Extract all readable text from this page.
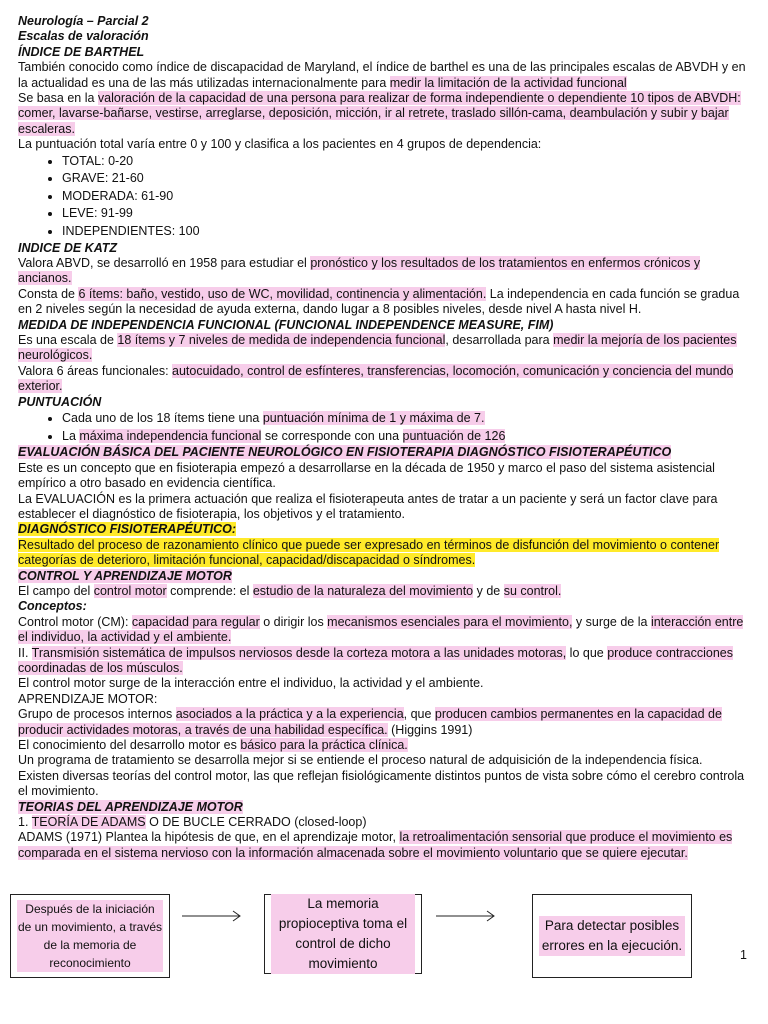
Neurología – Parcial 2

Escalas de valoración

ÍNDICE DE BARTHEL

También conocido como índice de discapacidad de Maryland, el índice de barthel es una de las principales escalas de ABVDH y en la actualidad es una de las más utilizadas internacionalmente para medir la limitación de la actividad funcional

Se basa en la valoración de la capacidad de una persona para realizar de forma independiente o dependiente 10 tipos de ABVDH: comer, lavarse-bañarse, vestirse, arreglarse, deposición, micción, ir al retrete, traslado sillón-cama, deambulación y subir y bajar escaleras.

La puntuación total varía entre 0 y 100 y clasifica a los pacientes en 4 grupos de dependencia:

• TOTAL: 0-20
• GRAVE: 21-60
• MODERADA: 61-90
• LEVE: 91-99
• INDEPENDIENTES: 100

INDICE DE KATZ

Valora ABVD, se desarrolló en 1958 para estudiar el pronóstico y los resultados de los tratamientos en enfermos crónicos y ancianos.

Consta de 6 ítems: baño, vestido, uso de WC, movilidad, continencia y alimentación. La independencia en cada función se gradua en 2 niveles según la necesidad de ayuda externa, dando lugar a 8 posibles niveles, desde nivel A hasta nivel H.

MEDIDA DE INDEPENDENCIA FUNCIONAL (FUNCIONAL INDEPENDENCE MEASURE, FIM)

Es una escala de 18 ítems y 7 niveles de medida de independencia funcional, desarrollada para medir la mejoría de los pacientes neurológicos.

Valora 6 áreas funcionales: autocuidado, control de esfínteres, transferencias, locomoción, comunicación y conciencia del mundo exterior.

PUNTUACIÓN

• Cada uno de los 18 ítems tiene una puntuación mínima de 1 y máxima de 7.
• La máxima independencia funcional se corresponde con una puntuación de 126

EVALUACIÓN BÁSICA DEL PACIENTE NEUROLÓGICO EN FISIOTERAPIA DIAGNÓSTICO FISIOTERAPÉUTICO

Este es un concepto que en fisioterapia empezó a desarrollarse en la década de 1950 y marco el paso del sistema asistencial empírico a otro basado en evidencia científica.

La EVALUACIÓN es la primera actuación que realiza el fisioterapeuta antes de tratar a un paciente y será un factor clave para establecer el diagnóstico de fisioterapia, los objetivos y el tratamiento.

DIAGNÓSTICO FISIOTERAPÉUTICO:

Resultado del proceso de razonamiento clínico que puede ser expresado en términos de disfunción del movimiento o contener categorías de deterioro, limitación funcional, capacidad/discapacidad o síndromes.

CONTROL Y APRENDIZAJE MOTOR

El campo del control motor comprende: el estudio de la naturaleza del movimiento y de su control.

Conceptos:

Control motor (CM): capacidad para regular o dirigir los mecanismos esenciales para el movimiento, y surge de la interacción entre el individuo, la actividad y el ambiente.

II. Transmisión sistemática de impulsos nerviosos desde la corteza motora a las unidades motoras, lo que produce contracciones coordinadas de los músculos.

El control motor surge de la interacción entre el individuo, la actividad y el ambiente.

APRENDIZAJE MOTOR:

Grupo de procesos internos asociados a la práctica y a la experiencia, que producen cambios permanentes en la capacidad de producir actividades motoras, a través de una habilidad específica. (Higgins 1991)

El conocimiento del desarrollo motor es básico para la práctica clínica.

Un programa de tratamiento se desarrolla mejor si se entiende el proceso natural de adquisición de la independencia física.

Existen diversas teorías del control motor, las que reflejan fisiológicamente distintos puntos de vista sobre cómo el cerebro controla el movimiento.

TEORIAS DEL APRENDIZAJE MOTOR

1. TEORÍA DE ADAMS O DE BUCLE CERRADO (closed-loop)

ADAMS (1971) Plantea la hipótesis de que, en el aprendizaje motor, la retroalimentación sensorial que produce el movimiento es comparada en el sistema nervioso con la información almacenada sobre el movimiento voluntario que se quiere ejecutar.

Después de la iniciación de un movimiento, a través de la memoria de reconocimiento
La memoria propioceptiva toma el control de dicho movimiento
Para detectar posibles errores en la ejecución.
1
